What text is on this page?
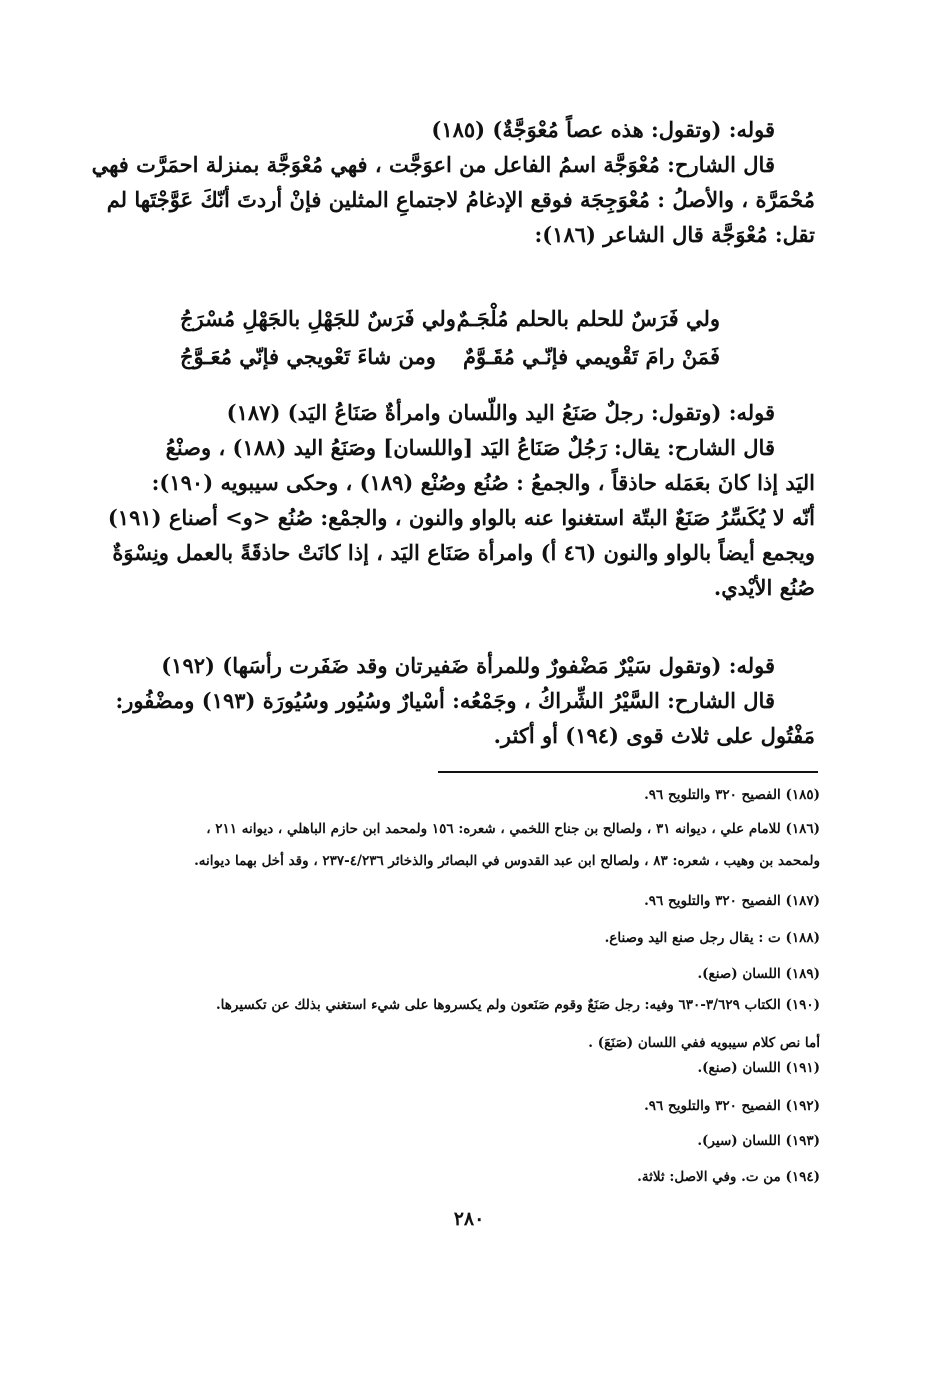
قوله: (وتقول: هذه عصاً مُعْوَجَّةٌ) (١٨٥)
قال الشارح: مُعْوَجَّة اسمُ الفاعل من اعوَجَّت ، فهي مُعْوَجَّة بمنزلة احمَرَّت فهي
مُحْمَرَّة ، والأصلُ : مُعْوَجِجَة فوقع الإدغامُ لاجتماعِ المثلين فإنْ أردتَ أنّكَ عَوَّجْتَها لم
تقل: مُعْوَجَّة قال الشاعر (١٨٦):
ولي فَرَسٌ للحلم بالحلم مُلْجَـمٌ
ولي فَرَسٌ للجَهْلِ بالجَهْلِ مُسْرَجُ
فَمَنْ رامَ تَقْويمي فإنّـي مُقَـوَّمٌ
ومن شاءَ تَعْويجي فإنّي مُعَـوَّجُ
قوله: (وتقول: رجلٌ صَنَعُ اليد واللّسان وامرأةٌ صَنَاعُ اليَد) (١٨٧)
قال الشارح: يقال: رَجُلٌ صَنَاعُ اليَد [واللسان] وصَنَعُ اليد (١٨٨) ، وصنْعُ
اليَد إذا كانَ بعَمَله حاذقاً ، والجمعُ : صُنُع وصُنْع (١٨٩) ، وحكى سيبويه (١٩٠):
أنّه لا يُكَسِّرُ صَنَعٌ البتّة استغنوا عنه بالواو والنون ، والجمْع: صُنُع <و> أصناع (١٩١)
ويجمع أيضاً بالواو والنون (٤٦ أ) وامرأة صَنَاع اليَد ، إذا كانَتْ حاذقَةً بالعمل ونِسْوَةٌ
صُنُع الأيْدي.
قوله: (وتقول سَيْرٌ مَضْفورٌ وللمرأة ضَفيرتان وقد ضَفَرت رأسَها) (١٩٢)
قال الشارح: السَّيْرُ الشِّراكُ ، وجَمْعُه: أسْيارٌ وسُيُور وسُيُورَة (١٩٣) ومضْفُور:
مَفْتُول على ثلاث قوى (١٩٤) أو أكثر.
(١٨٥) الفصيح ٣٢٠ والتلويح ٩٦.
(١٨٦) للامام علي ، ديوانه ٣١ ، ولصالح بن جناح اللخمي ، شعره: ١٥٦ ولمحمد ابن حازم الباهلي ، ديوانه ٢١١ ،
ولمحمد بن وهيب ، شعره: ٨٣ ، ولصالح ابن عبد القدوس في البصائر والذخائر ٤/٢٣٦-٢٣٧ ، وقد أخل بهما ديوانه.
(١٨٧) الفصيح ٣٢٠ والتلويح ٩٦.
(١٨٨) ت : يقال رجل صنع اليد وصناع.
(١٨٩) اللسان (صنع).
(١٩٠) الكتاب ٣/٦٢٩-٦٣٠ وفيه: رجل صَنَعٌ وقوم صَنَعون ولم يكسروها على شيء استغني بذلك عن تكسيرها.
أما نص كلام سيبويه ففي اللسان (صَنَعَ) .
(١٩١) اللسان (صنع).
(١٩٢) الفصيح ٣٢٠ والتلويح ٩٦.
(١٩٣) اللسان (سير).
(١٩٤) من ت. وفي الاصل: ثلاثة.
٢٨٠
